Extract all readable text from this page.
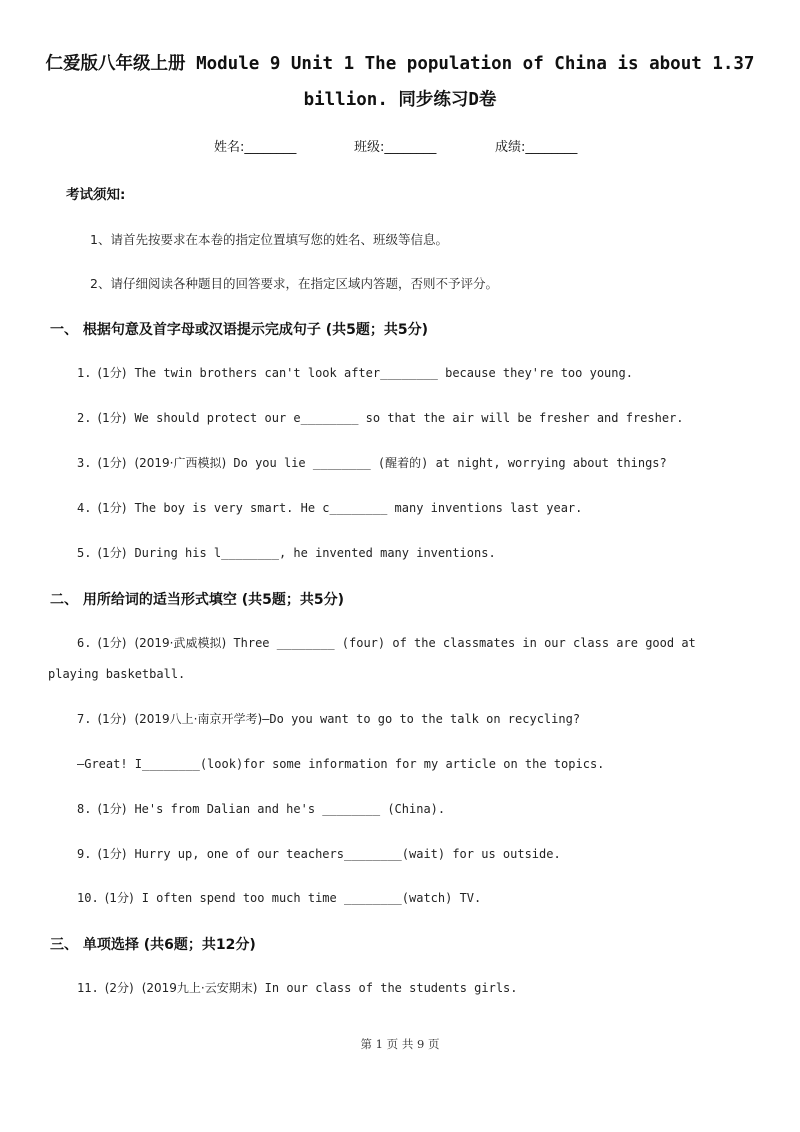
仁爱版八年级上册 Module 9 Unit 1 The population of China is about 1.37
billion. 同步练习D卷
姓名:________	班级:________	成绩:________
考试须知:
1、请首先按要求在本卷的指定位置填写您的姓名、班级等信息。
2、请仔细阅读各种题目的回答要求，在指定区域内答题，否则不予评分。
一、 根据句意及首字母或汉语提示完成句子 (共5题；共5分)
1. (1分) The twin brothers can't look after________ because they're too young.
2. (1分) We should protect our e________ so that the air will be fresher and fresher.
3. (1分) (2019·广西模拟) Do you lie ________ (醒着的) at night, worrying about things?
4. (1分) The boy is very smart. He c________ many inventions last year.
5. (1分) During his l________, he invented many inventions.
二、 用所给词的适当形式填空 (共5题；共5分)
6. (1分) (2019·武威模拟) Three ________ (four) of the classmates in our class are good at
playing basketball.
7. (1分) (2019八上·南京开学考)—Do you want to go to the talk on recycling?
—Great! I________(look)for some information for my article on the topics.
8. (1分) He's from Dalian and he's ________ (China).
9. (1分) Hurry up, one of our teachers________(wait) for us outside.
10. (1分) I often spend too much time ________(watch) TV.
三、 单项选择 (共6题；共12分)
11. (2分) (2019九上·云安期末) In our class of the students girls.
第 1 页 共 9 页
